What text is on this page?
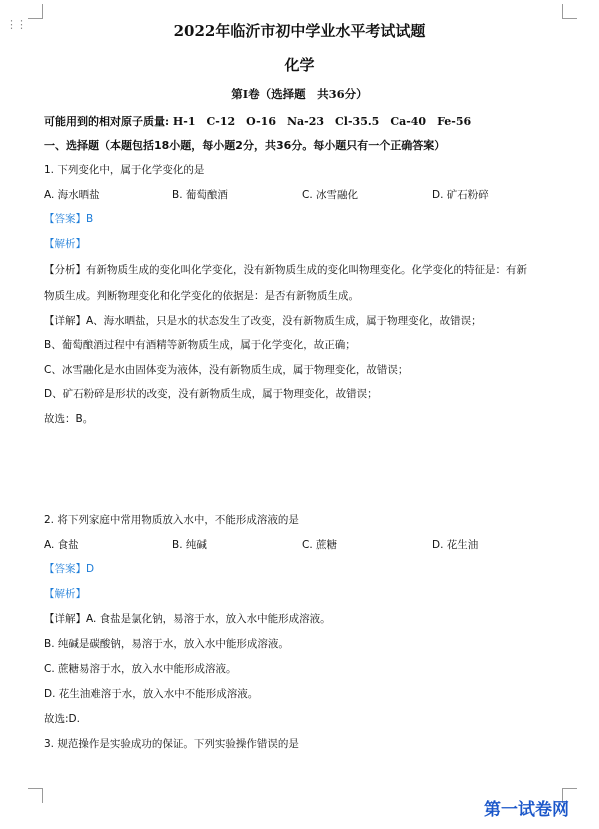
⋮⋮	2022年临沂市初中学业水平考试试题
化学
第I卷（选择题　共36分）
可能用到的相对原子质量: H-1　C-12　O-16　Na-23　Cl-35.5　Ca-40　Fe-56
一、选择题（本题包括18小题，每小题2分，共36分。每小题只有一个正确答案）
1. 下列变化中，属于化学变化的是
A. 海水晒盐	B. 葡萄酿酒	C. 冰雪融化	D. 矿石粉碎
【答案】B
【解析】
【分析】有新物质生成的变化叫化学变化，没有新物质生成的变化叫物理变化。化学变化的特征是：有新
物质生成。判断物理变化和化学变化的依据是：是否有新物质生成。
【详解】A、海水晒盐，只是水的状态发生了改变，没有新物质生成，属于物理变化，故错误；
B、葡萄酿酒过程中有酒精等新物质生成，属于化学变化，故正确；
C、冰雪融化是水由固体变为液体，没有新物质生成，属于物理变化，故错误；
D、矿石粉碎是形状的改变，没有新物质生成，属于物理变化，故错误；
故选：B。
2. 将下列家庭中常用物质放入水中，不能形成溶液的是
A. 食盐	B. 纯碱	C. 蔗糖	D. 花生油
【答案】D
【解析】
【详解】A. 食盐是氯化钠，易溶于水，放入水中能形成溶液。
B. 纯碱是碳酸钠，易溶于水，放入水中能形成溶液。
C. 蔗糖易溶于水，放入水中能形成溶液。
D. 花生油难溶于水，放入水中不能形成溶液。
故选:D.
3. 规范操作是实验成功的保证。下列实验操作错误的是
第一试卷网
